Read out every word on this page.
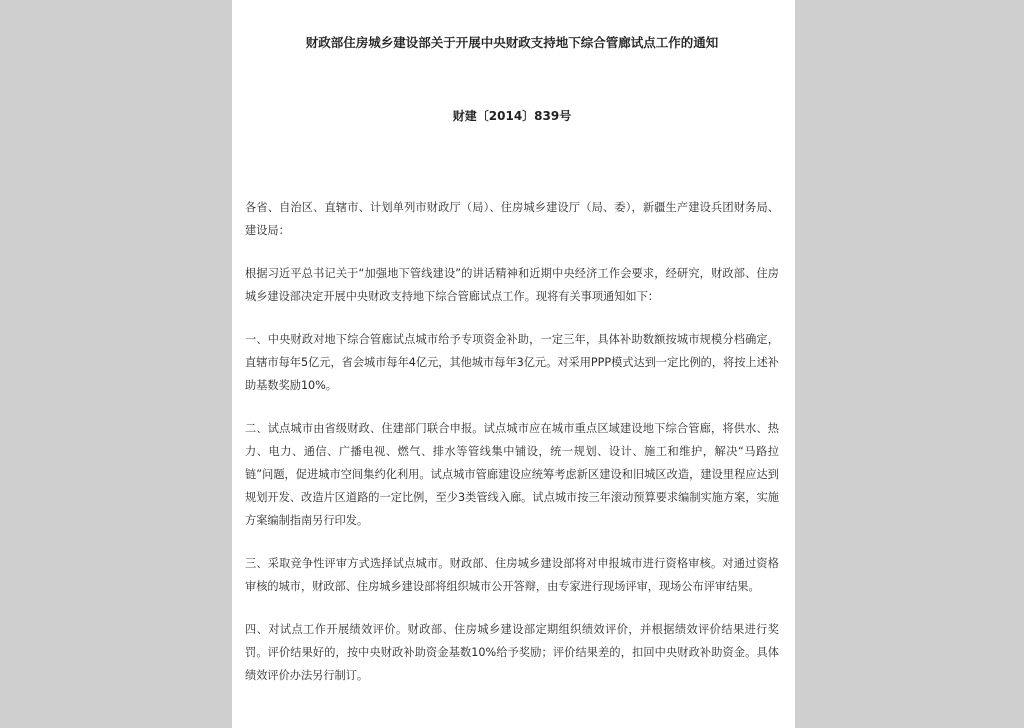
财政部住房城乡建设部关于开展中央财政支持地下综合管廊试点工作的通知
财建〔2014〕839号

各省、自治区、直辖市、计划单列市财政厅（局）、住房城乡建设厅（局、委），新疆生产建设兵团财务局、建设局：

根据习近平总书记关于“加强地下管线建设”的讲话精神和近期中央经济工作会要求，经研究，财政部、住房城乡建设部决定开展中央财政支持地下综合管廊试点工作。现将有关事项通知如下：

一、中央财政对地下综合管廊试点城市给予专项资金补助，一定三年，具体补助数额按城市规模分档确定，直辖市每年5亿元，省会城市每年4亿元，其他城市每年3亿元。对采用PPP模式达到一定比例的，将按上述补助基数奖励10%。

二、试点城市由省级财政、住建部门联合申报。试点城市应在城市重点区域建设地下综合管廊，将供水、热力、电力、通信、广播电视、燃气、排水等管线集中铺设，统一规划、设计、施工和维护，解决“马路拉链”问题，促进城市空间集约化利用。试点城市管廊建设应统筹考虑新区建设和旧城区改造，建设里程应达到规划开发、改造片区道路的一定比例，至少3类管线入廊。试点城市按三年滚动预算要求编制实施方案，实施方案编制指南另行印发。

三、采取竞争性评审方式选择试点城市。财政部、住房城乡建设部将对申报城市进行资格审核。对通过资格审核的城市，财政部、住房城乡建设部将组织城市公开答辩，由专家进行现场评审，现场公布评审结果。

四、对试点工作开展绩效评价。财政部、住房城乡建设部定期组织绩效评价，并根据绩效评价结果进行奖罚。评价结果好的，按中央财政补助资金基数10%给予奖励；评价结果差的，扣回中央财政补助资金。具体绩效评价办法另行制订。
